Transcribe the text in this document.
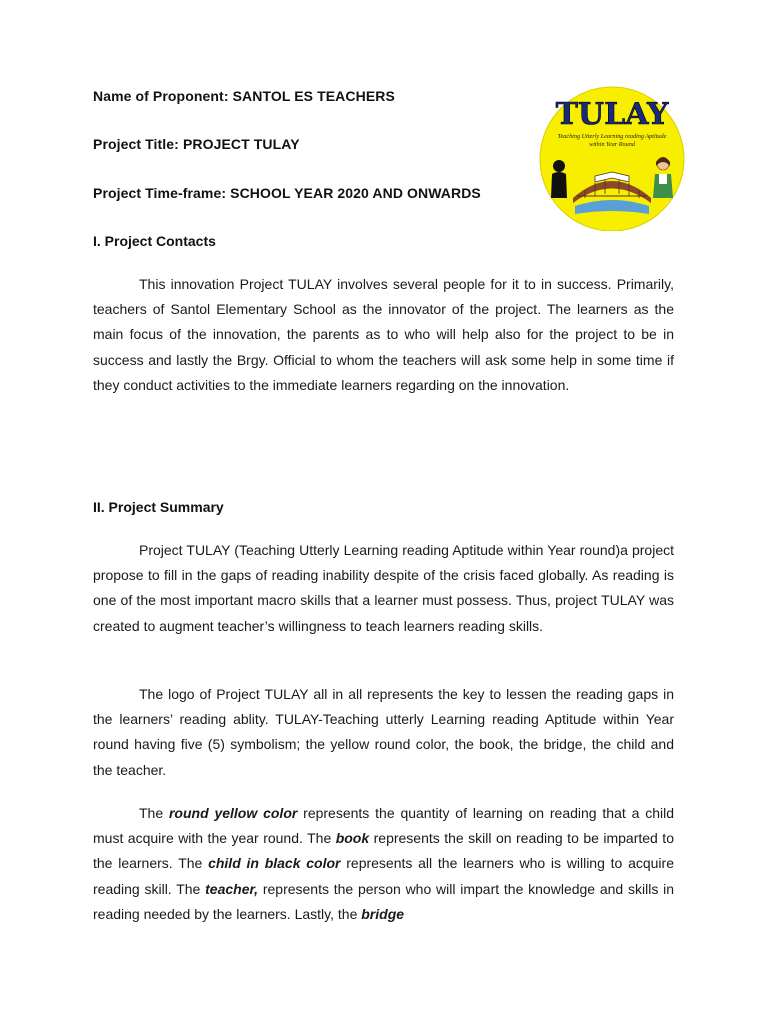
Name of Proponent: SANTOL ES TEACHERS
Project Title: PROJECT TULAY
Project Time-frame: SCHOOL YEAR 2020 AND ONWARDS
TULAY
Teaching Utterly Learning reading Aptitude
within Year Round
I. Project Contacts

This innovation Project TULAY involves several people for it to in success. Primarily, teachers of Santol Elementary School as the innovator of the project. The learners as the main focus of the innovation, the parents as to who will help also for the project to be in success and lastly the Brgy. Official to whom the teachers will ask some help in some time if they conduct activities to the immediate learners regarding on the innovation.

II. Project Summary

Project TULAY (Teaching Utterly Learning reading Aptitude within Year round)a project propose to fill in the gaps of reading inability despite of the crisis faced globally. As reading is one of the most important macro skills that a learner must possess. Thus, project TULAY was created to augment teacher’s willingness to teach learners reading skills.

The logo of Project TULAY all in all represents the key to lessen the reading gaps in the learners’ reading ablity. TULAY-Teaching utterly Learning reading Aptitude within Year round having five (5) symbolism; the yellow round color, the book, the bridge, the child and the teacher.

The round yellow color represents the quantity of learning on reading that a child must acquire with the year round. The book represents the skill on reading to be imparted to the learners. The child in black color represents all the learners who is willing to acquire reading skill. The teacher, represents the person who will impart the knowledge and skills in reading needed by the learners. Lastly, the bridge
